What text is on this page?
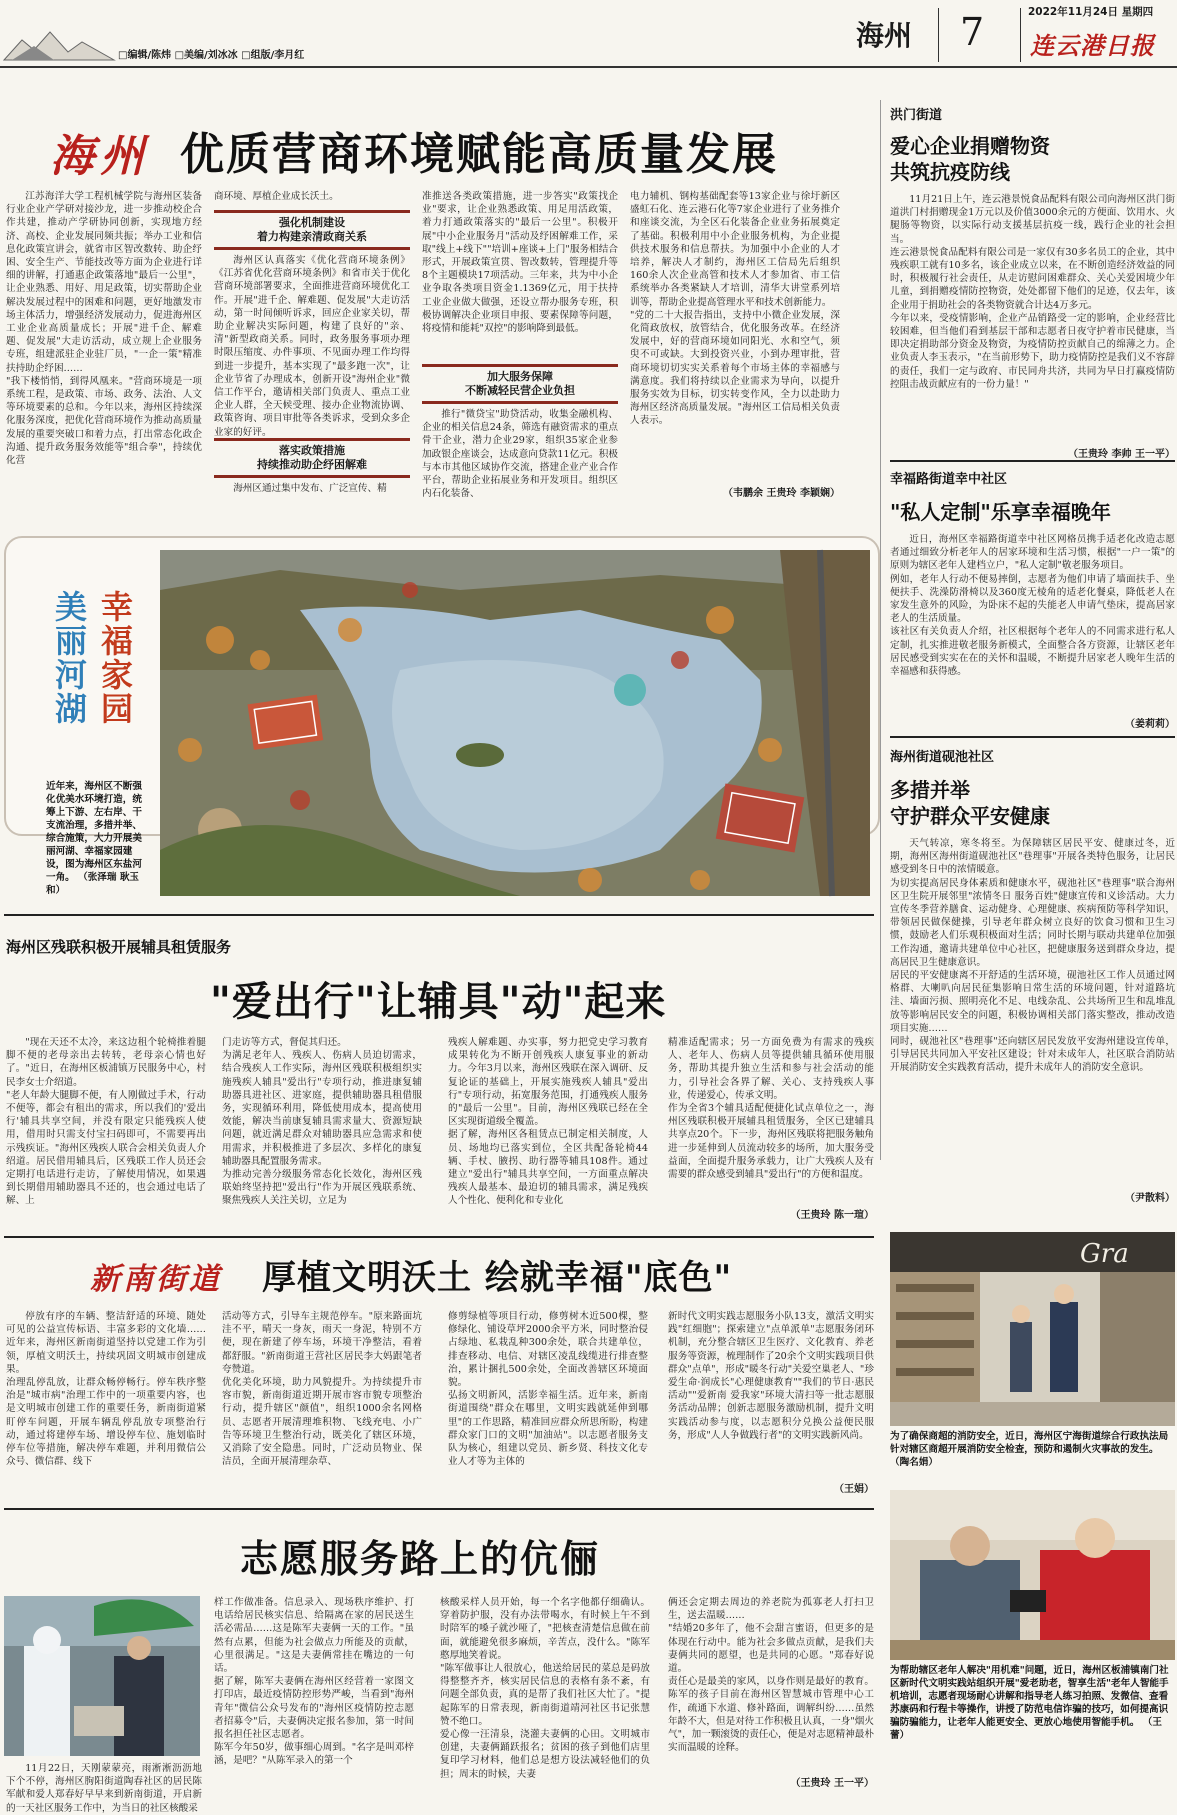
□编辑/陈炜 □美编/刘冰冰 □组版/李月红
海州 7	2022年11月24日 星期四
连云港日报
海州 优质营商环境赋能高质量发展

江苏海洋大学工程机械学院与海州区装备行业企业产学研对接沙龙，进一步推动校企合作共建，推动产学研协同创新，实现地方经济、高校、企业发展同频共振；举办工业和信息化政策宣讲会，就省市区智改数转、助企纾困、安全生产、节能技改等方面为企业进行详细的讲解，打通惠企政策落地"最后一公里"，让企业熟悉、用好、用足政策，切实帮助企业解决发展过程中的困难和问题，更好地激发市场主体活力，增强经济发展动力，促进海州区工业企业高质量成长；开展"进千企、解难题、促发展"大走访活动，成立规上企业服务专班，组建派驻企业驻厂员，"一企一策"精准扶持助企纾困……
"我下楼悄悄，到得风凰来。"营商环境是一项系统工程，是政策、市场、政务、法治、人文等环境要素的总和。今年以来，海州区持续深化服务深度，把优化营商环境作为推动高质量发展的重要突破口和着力点，打出常态化政企沟通、提升政务服务效能等"组合拳"，持续优化营

商环境、厚植企业成长沃土。
强化机制建设
着力构建亲清政商关系

海州区认真落实《优化营商环境条例》《江苏省优化营商环境条例》和省市关于优化营商环境部署要求，全面推进营商环境优化工作。开展"进千企、解难题、促发展"大走访活动，第一时间倾听诉求，回应企业家关切，帮助企业解决实际问题，构建了良好的"亲、清"新型政商关系。同时，政务服务事项办理时限压缩度、办件事项、不见面办理工作均得到进一步提升，基本实现了"最多跑一次"，让企业节省了办理成本，创新开设"海州企业"微信工作平台，邀请相关部门负责人、重点工业企业人群，全天候受理、接办企业物流协调、政策咨询、项目审批等各类诉求，受到众多企业家的好评。

落实政策措施
持续推动助企纾困解难

海州区通过集中发布、广泛宣传、精

准推送各类政策措施，进一步答实"政策找企业"要求，让企业熟悉政策、用足用活政策，着力打通政策落实的"最后一公里"。积极开展"中小企业服务月"活动及纾困解难工作，采取"线上+线下""培训+座谈+上门"服务相结合形式，开展政策宣贯、智改数转，管理提升等8个主题模块17项活动。三年来，共为中小企业争取各类项目资金1.1369亿元，用于扶持工业企业做大做强，还设立帮办服务专班，积极协调解决企业项目申报、要素保障等问题，将疫情和能耗"双控"的影响降到最低。

加大服务保障
不断减轻民营企业负担

推行"微贷宝"助贷活动，收集金融机构、企业的相关信息24条，筛选有融资需求的重点骨干企业，潜力企业29家，组织35家企业参加政银企座谈会，达成意向贷款11亿元。积极与本市其他区域协作交流，搭建企业产业合作平台，帮助企业拓展业务和开发项目。组织区内石化装备、

电力辅机、钢构基础配套等13家企业与徐圩新区盛虹石化、连云港石化等7家企业进行了业务推介和座谈交流，为全区石化装备企业业务拓展奠定了基础。积极利用中小企业服务机构，为企业提供技术服务和信息帮扶。为加强中小企业的人才培养，解决人才制约，海州区工信局先后组织160余人次企业高管和技术人才参加省、市工信系统举办各类紧缺人才培训，清华大讲堂系列培训等，帮助企业提高管理水平和技术创新能力。
"党的二十大报告指出，支持中小微企业发展，深化简政放权，放管结合，优化服务改革。在经济发展中，好的营商环境如同阳光、水和空气，须臾不可或缺。大到投资兴业，小到办理审批，营商环境切切实实关系着每个市场主体的幸福感与满意度。我们将持续以企业需求为导向，以提升服务实效为目标，切实转变作风，全力以赴助力海州区经济高质量发展。"海州区工信局相关负责人表示。

（韦鹏余 王贵玲 李颖娴）
幸福家园
美丽河湖
近年来，海州区不断强化优美水环境打造，统筹上下游、左右岸、干支流治理，多措并举、综合施策，大力开展美丽河湖、幸福家园建设，图为海州区东盐河一角。 （张泽瑞 耿玉和）
洪门街道
爱心企业捐赠物资
共筑抗疫防线

11月21日上午，连云港景悦食品配料有限公司向海州区洪门街道洪门村捐赠现金1万元以及价值3000余元的方便面、饮用水、火腿肠等物资，以实际行动支援基层抗疫一线，践行企业的社会担当。
连云港景悦食品配料有限公司是一家仅有30多名员工的企业，其中残疾职工就有10多名，该企业成立以来，在不断创造经济效益的同时，积极履行社会责任，从走访慰问困难群众、关心关爱困境少年儿童，到捐赠疫情防控物资，处处都留下他们的足迹，仅去年，该企业用于捐助社会的各类物资就合计达4万多元。
今年以来，受疫情影响，企业产品销路受一定的影响，企业经营比较困难，但当他们看到基层干部和志愿者日夜守护着市民健康，当即决定捐助部分资金及物资，为疫情防控贡献自己的绵薄之力。企业负责人李玉表示，"在当前形势下，助力疫情防控是我们义不容辞的责任，我们一定与政府、市民同舟共济，共同为早日打赢疫情防控阻击战贡献应有的一份力量！"

（王贵玲 李帅 王一平）
幸福路街道幸中社区
"私人定制"乐享幸福晚年

近日，海州区幸福路街道幸中社区网格员携手适老化改造志愿者通过细致分析老年人的居家环境和生活习惯，根据"一户一策"的原则为辖区老年人建档立户，"私人定制"敬老服务项目。
例如，老年人行动不便易摔倒，志愿者为他们申请了墙面扶手、坐便扶手、洗澡防滑椅以及360度无棱角的适老化餐桌，降低老人在家发生意外的风险，为卧床不起的失能老人申请气垫床，提高居家老人的生活质量。
该社区有关负责人介绍，社区根据每个老年人的不同需求进行私人定制，扎实推进敬老服务新模式，全面整合各方资源，让辖区老年居民感受到实实在在的关怀和温暖，不断提升居家老人晚年生活的幸福感和获得感。

（姜莉莉）
海州街道砚池社区
多措并举
守护群众平安健康

天气转凉，寒冬将至。为保障辖区居民平安、健康过冬，近期，海州区海州街道砚池社区"巷理事"开展各类特色服务，让居民感受到冬日中的浓情暖意。
为切实提高居民身体素质和健康水平，砚池社区"巷理事"联合海州区卫生院开展邻里"浓情冬日 服务百姓"健康宣传和义诊活动。大力宣传冬季营养膳食、运动健身、心理健康、疾病预防等科学知识，带领居民做保健操，引导老年群众树立良好的饮食习惯和卫生习惯，鼓励老人们乐观积极面对生活；同时长期与联动共建单位加强工作沟通，邀请共建单位中心社区，把健康服务送到群众身边，提高居民卫生健康意识。
居民的平安健康离不开舒适的生活环境，砚池社区工作人员通过网格群、大喇叭向居民征集影响日常生活的环境问题，针对道路坑洼、墙面污损、照明亮化不足、电线杂乱、公共场所卫生和乱堆乱放等影响居民安全的问题，积极协调相关部门落实整改，推动改造项目实施……
同时，砚池社区"巷理事"还向辖区居民发放平安海州建设宣传单，引导居民共同加入平安社区建设；针对未成年人，社区联合消防站开展消防安全实践教育活动，提升未成年人的消防安全意识。

（尹散料）
Gra
为了确保商超的消防安全，近日，海州区宁海街道综合行政执法局针对辖区商超开展消防安全检查，预防和遏制火灾事故的发生。 （陶名娟）
为帮助辖区老年人解决"用机难"问题，近日，海州区板浦镇南门社区新时代文明实践站组织开展"爱老助老，智享生活"老年人智能手机培训，志愿者现场耐心讲解和指导老人练习拍照、发微信、查看苏康码和行程卡等操作，讲授了防范电信诈骗的技巧，如何提高识骗防骗能力，让老年人能更安全、更放心地使用智能手机。 （王蕾）
海州区残联积极开展辅具租赁服务
"爱出行"让辅具"动"起来

"现在天还不太冷，来这边租个轮椅推着腿脚不便的老母亲出去转转，老母亲心情也好了。"近日，在海州区板浦镇万民服务中心，村民李女士介绍道。
"老人年龄大腿脚不便，有人刚做过手术，行动不便等，都会有租出的需求，所以我们的'爱出行'辅具共享空间，并没有限定只能残疾人使用，借用时只需支付宝扫码即可，不需要再出示残疾证。"海州区残疾人联合会相关负责人介绍道。居民借用辅具后，区残联工作人员还会定期打电话进行走访，了解使用情况，如果遇到长期借用辅助器具不还的，也会通过电话了解、上

门走访等方式，督促其归还。
为满足老年人、残疾人、伤病人员迫切需求，结合残疾人工作实际，海州区残联积极组织实施残疾人辅具"爱出行"专项行动，推进康复辅助器具进社区、进家庭，提供辅助器具租借服务，实现循环利用，降低使用成本，提高使用效能，解决当前康复辅具需求量大、资源短缺问题，就近满足群众对辅助器具应急需求和使用需求，并积极推进了多层次、多样化的康复辅助器具配置服务需求。
为推动完善分级服务常态化长效化，海州区残联始终坚持把"爱出行"作为开展区残联系统、聚焦残疾人关注关切，立足为

残疾人解难题、办实事，努力把党史学习教育成果转化为不断开创残疾人康复事业的新动力。今年3月以来，海州区残联在深入调研、反复论证的基础上，开展实施残疾人辅具"爱出行"专项行动，拓宽服务范围，打通残疾人服务的"最后一公里"。目前，海州区残联已经在全区实现街道级全覆盖。
据了解，海州区各租赁点已制定相关制度，人员、场地均已落实到位，全区共配备轮椅44辆、手杖、腋拐、助行器等辅具108件。通过建立"爱出行"辅具共享空间，一方面重点解决残疾人最基本、最迫切的辅具需求，满足残疾人个性化、便利化和专业化

精准适配需求；另一方面免费为有需求的残疾人、老年人、伤病人员等提供辅具循环使用服务，帮助其提升独立生活和参与社会活动的能力，引导社会各界了解、关心、支持残疾人事业，传递爱心，传承文明。
作为全省3个辅具适配便捷化试点单位之一，海州区残联积极开展辅具租赁服务，全区已建辅具共享点20个。下一步，海州区残联将把服务触角进一步延伸到人员流动较多的场所，加大服务受益面，全面提升服务承载力，让广大残疾人及有需要的群众感受到辅具"爱出行"的方便和温度。

（王贵玲 陈一瑄）
新南街道 厚植文明沃土 绘就幸福"底色"

停放有序的车辆、整洁舒适的环境、随处可见的公益宣传标语、丰富多彩的文化墙……近年来，海州区新南街道坚持以党建工作为引领，厚植文明沃土，持续巩固文明城市创建成果。
治理乱停乱放，让群众畅停畅行。停车秩序整治是"城市病"治理工作中的一项重要内容，也是文明城市创建工作的重要任务，新南街道紧盯停车问题，开展车辆乱停乱放专项整治行动，通过将建停车场、增设停车位、施划临时停车位等措施，解决停车难题，并利用微信公众号、微信群、线下

活动等方式，引导车主规范停车。"原来路面坑洼不平，晴天一身灰，雨天一身泥，特别不方便，现在新建了停车场，环境干净整洁，看着都舒服。"新南街道王营社区居民李大妈跟笔者夸赞道。
优化美化环境，助力风貌提升。为持续提升市容市貌，新南街道近期开展市容市貌专项整治行动，提升辖区"颜值"，组织1000余名网格员、志愿者开展清理堆积物、飞线充电、小广告等环境卫生整治行动，既美化了辖区环境，又消除了安全隐患。同时，广泛动员物业、保洁员，全面开展清理杂草、

修剪绿植等项目行动，修剪树木近500棵，整修绿化、铺设草坪2000余平方米，同时整治侵占绿地、私栽乱种300余处，联合共建单位，排查移动、电信、对辖区凌乱线缆进行排查整治，累计捆扎500余处，全面改善辖区环境面貌。
弘扬文明新风，活影幸福生活。近年来，新南街道围绕"群众在哪里，文明实践就延伸到哪里"的工作思路，精准回应群众所思所盼，构建群众家门口的文明"加油站"。以志愿者服务支队为核心，组建以党员、新乡贤、科技文化专业人才等为主体的

新时代文明实践志愿服务小队13支，激活文明实践"红细胞"；探索建立"点单派单"志愿服务闭环机制，充分整合辖区卫生医疗、文化教育、养老服务等资源，梳理制作了20余个文明实践项目供群众"点单"，形成"暖冬行动"关爱空巢老人、"珍爱生命·润成长"心理健康教育""我们的节日·惠民活动""爱新南 爱我家"环境大清扫等一批志愿服务活动品牌；创新志愿服务激励机制，提升文明实践活动参与度，以志愿积分兑换公益便民服务，形成"人人争做践行者"的文明实践新风尚。

（王娟）
志愿服务路上的伉俪

11月22日，天刚蒙蒙亮，雨淅淅沥沥地下个不停，海州区朐阳街道陶春社区的居民陈军献和爱人郑春好早早来到新南街道，开启新的一天社区服务工作中，为当日的社区核酸采

样工作做准备。信息录入、现场秩序维护、打电话给居民核实信息、给隔离在家的居民送生活必需品……这是陈军夫妻俩一天的工作。"虽然有点累，但能为社会做点力所能及的贡献，心里很满足。"这是夫妻俩常挂在嘴边的一句话。
据了解，陈军夫妻俩在海州区经营着一家图文打印店，最近疫情防控形势严峻，当看到"海州青年"微信公众号发布的"海州区疫情防控志愿者招募令"后，夫妻俩决定报名参加，第一时间报名担任社区志愿者。
陈军今年50岁，做事细心周到。"名字是叫邓梓涵，是吧？"从陈军录入的第一个

核酸采样人员开始，每一个名字他都仔细确认。穿着防护服，没有办法带喝水，有时候上午不到时陪军的嗓子就沙哑了，"把核查清楚信息做在前面，就能避免很多麻烦，辛苦点，没什么。"陈军憨厚地笑着说。
"陈军做事让人很放心，他送给居民的菜总是码放得整整齐齐，核实居民信息的表格有条不紊，有问题全部负责，真的是帮了我们社区大忙了。"提起陈军的日常表现，新南街道靖河社区书记张慧赞不绝口。
爱心像一汪清泉，浇灌夫妻俩的心田。文明城市创建，夫妻俩踊跃报名；贫困的孩子到他们店里复印学习材料，他们总是想方设法减轻他们的负担；周末的时候，夫妻

俩还会定期去周边的养老院为孤寡老人打扫卫生，送去温暖……
"结婚20多年了，他不会甜言蜜语，但更多的是体现在行动中。能为社会多做点贡献，是我们夫妻俩共同的愿望，也是共同的心愿。"郑春好说道。
责任心是最美的家风，以身作则是最好的教育。陈军的孩子目前在海州区智慧城市管理中心工作，疏通下水道、修补路面，调解纠纷……虽然年龄不大，但是对待工作积极且认真，一身"烟火气"，加一颗滚烫的责任心，便是对志愿精神最朴实而温暖的诠释。

（王贵玲 王一平）
